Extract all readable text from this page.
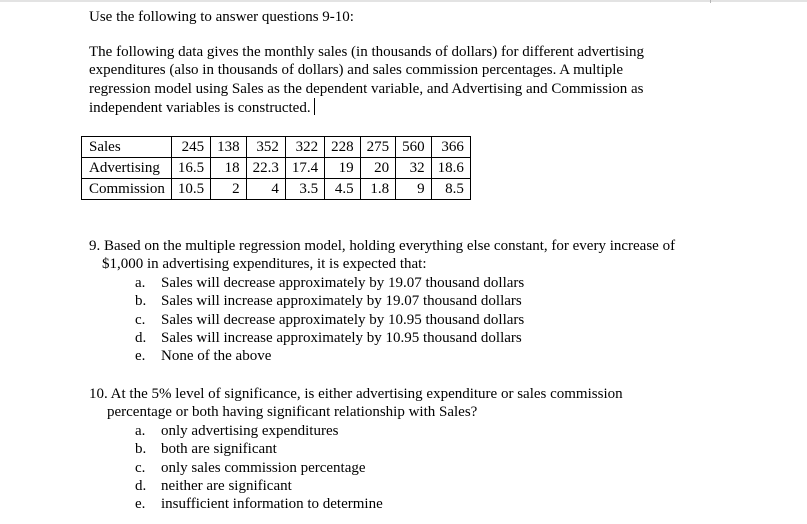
Use the following to answer questions 9-10:
The following data gives the monthly sales (in thousands of dollars) for different advertising
expenditures (also in thousands of dollars) and sales commission percentages. A multiple
regression model using Sales as the dependent variable, and Advertising and Commission as
independent variables is constructed.
Sales	245	138	352	322	228	275	560	366
Advertising	16.5	18	22.3	17.4	19	20	32	18.6
Commission	10.5	2	4	3.5	4.5	1.8	9	8.5
9. Based on the multiple regression model, holding everything else constant, for every increase of
$1,000 in advertising expenditures, it is expected that:
a. Sales will decrease approximately by 19.07 thousand dollars
b. Sales will increase approximately by 19.07 thousand dollars
c. Sales will decrease approximately by 10.95 thousand dollars
d. Sales will increase approximately by 10.95 thousand dollars
e. None of the above
10. At the 5% level of significance, is either advertising expenditure or sales commission
percentage or both having significant relationship with Sales?
a. only advertising expenditures
b. both are significant
c. only sales commission percentage
d. neither are significant
e. insufficient information to determine
